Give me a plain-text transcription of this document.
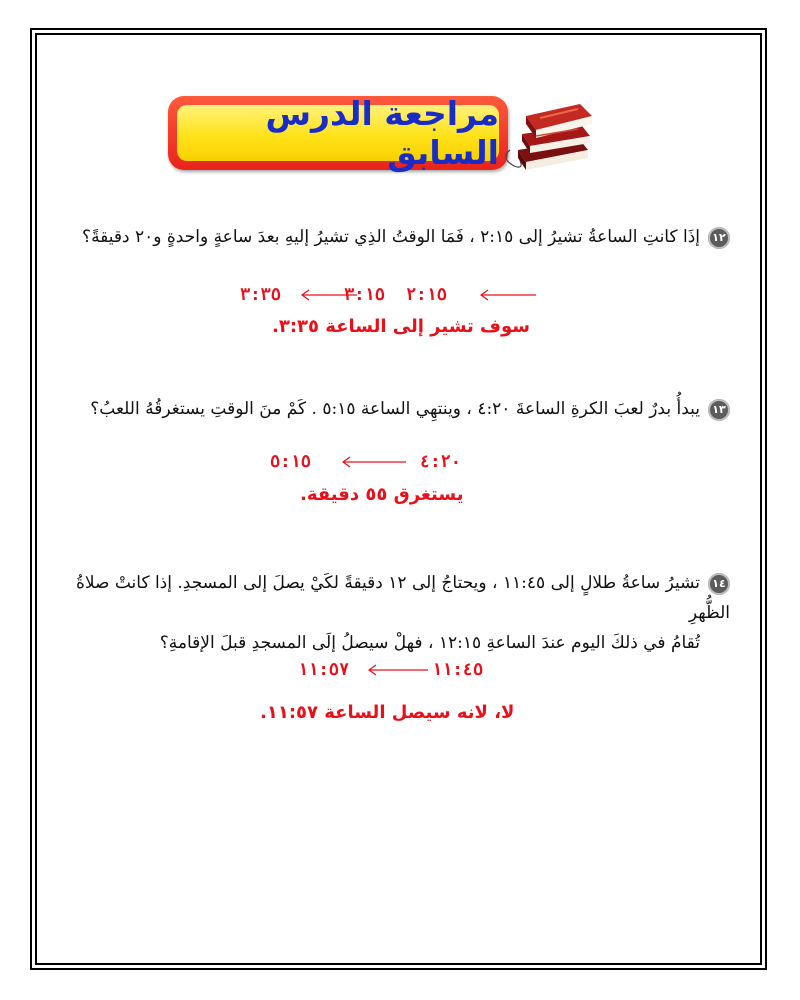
مراجعة الدرس السابق
١٢إذَا كانتِ الساعةُ تشيرُ إلى ٢:١٥ ، فَمَا الوقتُ الذِي تشيرُ إليهِ بعدَ ساعةٍ واحدةٍ و٢٠ دقيقةً؟
٢:١٥
٣:١٥
٣:٣٥
سوف تشير إلى الساعة ٣:٣٥.
١٣يبدأُ بدرٌ لعبَ الكرةِ الساعةَ ٤:٢٠ ، وينتهِي الساعة ٥:١٥ . كَمْ منَ الوقتِ يستغرقُهُ اللعبُ؟
٤:٢٠
٥:١٥
يستغرق ٥٥ دقيقة.
١٤تشيرُ ساعةُ طلالٍ إلى ١١:٤٥ ، ويحتاجُ إلى ١٢ دقيقةً لكَيْ يصلَ إلى المسجدِ. إذا كانتْ صلاةُ الظُّهرِ
تُقامُ في ذلكَ اليوم عندَ الساعةِ ١٢:١٥ ، فهلْ سيصلُ إلَى المسجدِ قبلَ الإقامةِ؟
١١:٤٥
١١:٥٧
لا، لانه سيصل الساعة ١١:٥٧.
